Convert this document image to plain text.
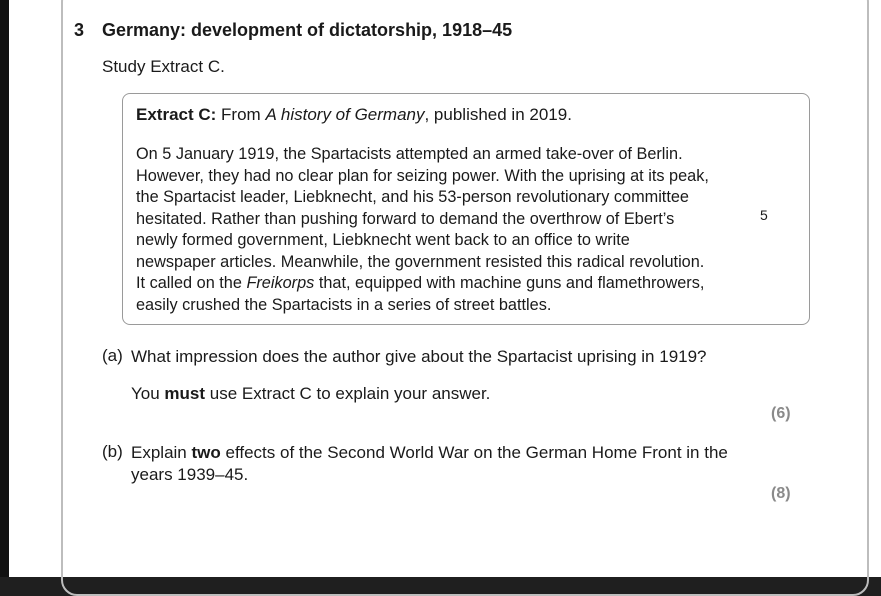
3 Germany: development of dictatorship, 1918–45
Study Extract C.
Extract C: From A history of Germany, published in 2019.
On 5 January 1919, the Spartacists attempted an armed take-over of Berlin.
However, they had no clear plan for seizing power. With the uprising at its peak,
the Spartacist leader, Liebknecht, and his 53-person revolutionary committee
hesitated. Rather than pushing forward to demand the overthrow of Ebert’s
newly formed government, Liebknecht went back to an office to write
newspaper articles. Meanwhile, the government resisted this radical revolution.
It called on the Freikorps that, equipped with machine guns and flamethrowers,
easily crushed the Spartacists in a series of street battles.
5
(a) What impression does the author give about the Spartacist uprising in 1919?
You must use Extract C to explain your answer.
(6)
(b) Explain two effects of the Second World War on the German Home Front in the
years 1939–45.
(8)
